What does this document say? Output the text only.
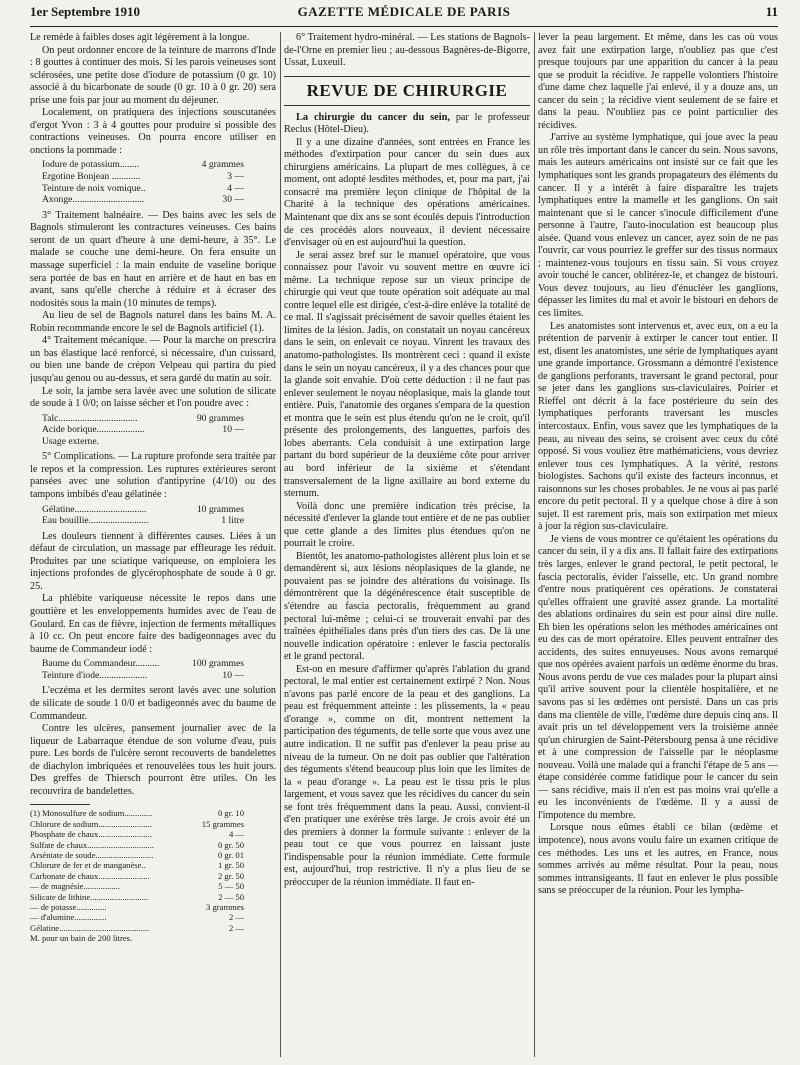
1er Septembre 1910	GAZETTE MÉDICALE DE PARIS	11

Le remède à faibles doses agit légèrement à la longue.

On peut ordonner encore de la teinture de marrons d'Inde : 8 gouttes à continuer des mois. Si les parois veineuses sont sclérosées, une petite dose d'iodure de potassium (0 gr. 10) associé à du bicarbonate de soude (0 gr. 10 à 0 gr. 20) sera prise une fois par jour au moment du déjeuner.

Localement, on pratiquera des injections souscutanées d'ergot Yvon : 3 à 4 gouttes pour produire si possible des contractions veineuses. On pourra encore utiliser en onctions la pommade :

Iodure de potassium........	4 grammes
Ergotine Bonjean ............	3 —
Teinture de noix vomique..	4 —
Axonge..............................	30 —

3° Traitement balnéaire. — Des bains avec les sels de Bagnols stimuleront les contractures veineuses. Ces bains seront de un quart d'heure à une demi-heure, à 35°. Le malade se couche une demi-heure. On fera ensuite un massage superficiel : la main enduite de vaseline borique sera portée de bas en haut en arrière et de haut en bas en avant, sans qu'elle cherche à réduire et à écraser des nodosités sous la main (10 minutes de temps).

Au lieu de sel de Bagnols naturel dans les bains M. A. Robin recommande encore le sel de Bagnols artificiel (1).

4° Traitement mécanique. — Pour la marche on prescrira un bas élastique lacé renforcé, si nécessaire, d'un cuissard, ou bien une bande de crépon Velpeau qui partira du pied jusqu'au genou ou au-dessus, et sera gardé du matin au soir.

Le soir, la jambe sera lavée avec une solution de silicate de soude à 1 0/0; on laisse sécher et l'on poudre avec :

Talc.................................	90 grammes
Acide borique....................	10 —
Usage externe.

5° Complications. — La rupture profonde sera traitée par le repos et la compression. Les ruptures extérieures seront pansées avec une solution d'antipyrine (4/10) ou des tampons imbibés d'eau gélatinée :

Gélatine..............................	10 grammes
Eau bouillie.........................	1 litre

Les douleurs tiennent à différentes causes. Liées à un défaut de circulation, un massage par effleurage les réduit. Produites par une sciatique variqueuse, on emploiera les injections profondes de glycérophosphate de soude à 0 gr. 25.

La phlébite variqueuse nécessite le repos dans une gouttière et les enveloppements humides avec de l'eau de Goulard. En cas de fièvre, injection de ferments métalliques à 10 cc. On peut encore faire des badigeonnages avec du baume de Commandeur iodé :

Baume du Commandeur..........	100 grammes
Teinture d'iode....................	10 —

L'eczéma et les dermites seront lavés avec une solution de silicate de soude 1 0/0 et badigeonnés avec du baume de Commandeur.

Contre les ulcères, pansement journalier avec de la liqueur de Labarraque étendue de son volume d'eau, puis pure. Les bords de l'ulcère seront recouverts de bandelettes de diachylon imbriquées et renouvelées tous les huit jours. Des greffes de Thiersch pourront être utiles. On les recouvrira de bandelettes.

(1) Monosulfure de sodium.............	0 gr. 10
Chlorure de sodium.........................	15 grammes
Phosphate de chaux.........................	4 —
Sulfate de chaux...............................	0 gr. 50
Arséniate de soude...........................	0 gr. 01
Chlorure de fer et de manganèse..	1 gr. 50
Carbonate de chaux........................	2 gr. 50
— de magnésie.................	5 — 50
Silicate de lithine...........................	2 — 50
— de potasse..............	3 grammes
— d'alumine...............	2 —
Gélatine..........................................	2 —

M. pour un bain de 200 litres.

6° Traitement hydro-minéral. — Les stations de Bagnols-de-l'Orne en premier lieu ; au-dessous Bagnères-de-Bigorre, Ussat, Luxeuil.

REVUE DE CHIRURGIE

La chirurgie du cancer du sein, par le professeur Reclus (Hôtel-Dieu).

Il y a une dizaine d'années, sont entrées en France les méthodes d'extirpation pour cancer du sein dues aux chirurgiens américains. La plupart de mes collègues, à ce moment, ont adopté lesdites méthodes, et, pour ma part, j'ai consacré ma première leçon clinique de l'hôpital de la Charité à la technique des opérations américaines. Maintenant que dix ans se sont écoulés depuis l'introduction de ces procédés alors nouveaux, il devient nécessaire d'envisager où en est aujourd'hui la question.

Je serai assez bref sur le manuel opératoire, que vous connaissez pour l'avoir vu souvent mettre en œuvre ici même. La technique repose sur un vieux principe de chirurgie qui veut que toute opération soit adéquate au mal contre lequel elle est dirigée, c'est-à-dire enlève la totalité de ce mal. Il s'agissait précisément de savoir quelles étaient les limites de la lésion. Jadis, on constatait un noyau cancéreux dans le sein, on enlevait ce noyau. Vinrent les travaux des anatomo-pathologistes. Ils montrèrent ceci : quand il existe dans le sein un noyau cancéreux, il y a des chances pour que la glande soit envahie. D'où cette déduction : il ne faut pas enlever seulement le noyau néoplasique, mais la glande tout entière. Puis, l'anatomie des organes s'empara de la question et montra que le sein est plus étendu qu'on ne le croit, qu'il présente des prolongements, des languettes, parfois des lobes aberrants. Cela conduisit à une extirpation large partant du bord supérieur de la deuxième côte pour arriver au bord inférieur de la sixième et s'étendant transversalement de la ligne axillaire au bord externe du sternum.

Voilà donc une première indication très précise, la nécessité d'enlever la glande tout entière et de ne pas oublier que cette glande a des limites plus étendues qu'on ne pourrait le croire.

Bientôt, les anatomo-pathologistes allèrent plus loin et se demandèrent si, aux lésions néoplasiques de la glande, ne pouvaient pas se joindre des altérations du voisinage. Ils démontrèrent que la dégénérescence était susceptible de s'étendre au fascia pectoralis, fréquemment au grand pectoral lui-même ; celui-ci se trouverait envahi par des traînées épithéliales dans près d'un tiers des cas. De là une nouvelle indication opératoire : enlever le fascia pectoralis et le grand pectoral.

Est-on en mesure d'affirmer qu'après l'ablation du grand pectoral, le mal entier est certainement extirpé ? Non. Nous n'avons pas parlé encore de la peau et des ganglions. La peau est fréquemment atteinte : les plissements, la « peau d'orange », comme on dit, montrent nettement la participation des téguments, de telle sorte que vous avez une autre indication. Il ne suffit pas d'enlever la peau prise au niveau de la tumeur. On ne doit pas oublier que l'altération des téguments s'étend beaucoup plus loin que les limites de la « peau d'orange ». La peau est le tissu pris le plus largement, et vous savez que les récidives du cancer du sein se font très fréquemment dans la peau. Aussi, convient-il d'en pratiquer une exérèse très large. Je crois avoir été un des premiers à donner la formule suivante : enlever de la peau tout ce que vous pourrez en laissant juste l'indispensable pour la réunion immédiate. Cette formule est, aujourd'hui, trop restrictive. Il n'y a plus lieu de se préoccuper de la réunion immédiate. Il faut en-

lever la peau largement. Et même, dans les cas où vous avez fait une extirpation large, n'oubliez pas que c'est presque toujours par une apparition du cancer à la peau que se produit la récidive. Je rappelle volontiers l'histoire d'une dame chez laquelle j'ai enlevé, il y a douze ans, un cancer du sein ; la récidive vient seulement de se faire et dans la peau. N'oubliez pas ce point particulier des récidives.

J'arrive au système lymphatique, qui joue avec la peau un rôle très important dans le cancer du sein. Nous savons, mais les auteurs américains ont insisté sur ce fait que les lymphatiques sont les grands propagateurs des éléments du cancer. Il y a intérêt à faire disparaître les trajets lymphatiques entre la mamelle et les ganglions. On sait maintenant que si le cancer s'inocule difficilement d'une personne à l'autre, l'auto-inoculation est beaucoup plus aisée. Quand vous enlevez un cancer, ayez soin de ne pas l'ouvrir, car vous pourriez le greffer sur des tissus normaux ; maintenez-vous toujours en tissu sain. Si vous croyez avoir touché le cancer, oblitérez-le, et changez de bistouri. Vous devez toujours, au lieu d'énucléer les ganglions, dépasser les limites du mal et avoir le bistouri en dehors de ces limites.

Les anatomistes sont intervenus et, avec eux, on a eu la prétention de parvenir à extirper le cancer tout entier. Il est, disent les anatomistes, une série de lymphatiques ayant une grande importance. Grossmann a démontré l'existence de ganglions perforants, traversant le grand pectoral, pour se jeter dans les ganglions sus-claviculaires. Poirier et Rieffel ont décrit à la face postérieure du sein des lymphatiques perforants traversant les muscles intercostaux. Enfin, vous savez que les lymphatiques de la peau, au niveau des seins, se croisent avec ceux du côté opposé. Si vous vouliez être mathématiciens, vous devriez enlever tous ces lymphatiques. A la vérité, restons biologistes. Sachons qu'il existe des facteurs inconnus, et raisonnons sur les choses probables. Je ne vous ai pas parlé encore du petit pectoral. Il y a quelque chose à dire à son sujet. Il est rarement pris, mais son extirpation met mieux à jour la région sus-claviculaire.

Je viens de vous montrer ce qu'étaient les opérations du cancer du sein, il y a dix ans. Il fallait faire des extirpations très larges, enlever le grand pectoral, le petit pectoral, le fascia pectoralis, évider l'aisselle, etc. Un grand nombre d'entre nous pratiquèrent ces opérations. Je constaterai qu'elles offraient une gravité assez grande. La mortalité des ablations ordinaires du sein est pour ainsi dire nulle. Eh bien les opérations selon les méthodes américaines ont eu des cas de mort opératoire. Elles peuvent entraîner des accidents, des suites ennuyeuses. Nous avons remarqué que nos opérées avaient parfois un œdème énorme du bras. Nous avons perdu de vue ces malades pour la plupart ainsi qu'il arrive souvent pour la clientèle hospitalière, et ne savons pas si les œdèmes ont persisté. Dans un cas pris dans ma clientèle de ville, l'œdème dure depuis cinq ans. Il avait pris un tel développement vers la troisième année qu'un chirurgien de Saint-Pétersbourg pensa à une récidive et à une compression de l'aisselle par le néoplasme nouveau. Voilà une malade qui a franchi l'étape de 5 ans — étape considérée comme fatidique pour le cancer du sein — sans récidive, mais il n'en est pas moins vrai qu'elle a eu les inconvénients de l'œdème. Il y a aussi de l'impotence du membre.

Lorsque nous eûmes établi ce bilan (œdème et impotence), nous avons voulu faire un examen critique de ces méthodes. Les uns et les autres, en France, nous sommes arrivés au même résultat. Pour la peau, nous sommes intransigeants. Il faut en enlever le plus possible sans se préoccuper de la réunion. Pour les lympha-
